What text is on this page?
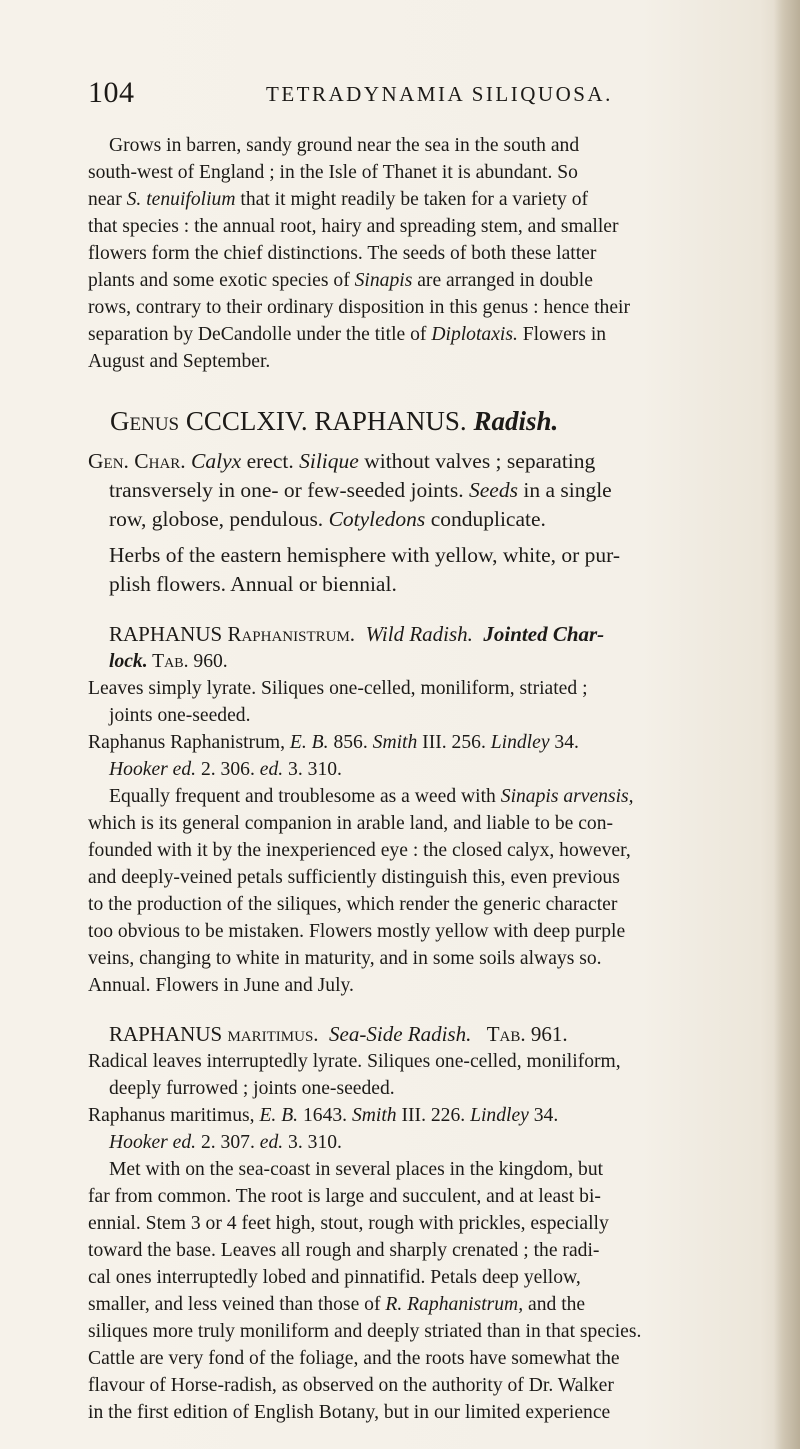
104	TETRADYNAMIA SILIQUOSA.
Grows in barren, sandy ground near the sea in the south and
south-west of England ; in the Isle of Thanet it is abundant. So
near S. tenuifolium that it might readily be taken for a variety of
that species : the annual root, hairy and spreading stem, and smaller
flowers form the chief distinctions. The seeds of both these latter
plants and some exotic species of Sinapis are arranged in double
rows, contrary to their ordinary disposition in this genus : hence their
separation by DeCandolle under the title of Diplotaxis. Flowers in
August and September.
Genus CCCLXIV. RAPHANUS. Radish.
Gen. Char. Calyx erect. Silique without valves ; separating
transversely in one- or few-seeded joints. Seeds in a single
row, globose, pendulous. Cotyledons conduplicate.
Herbs of the eastern hemisphere with yellow, white, or pur-
plish flowers. Annual or biennial.
RAPHANUS Raphanistrum. Wild Radish. Jointed Char-
lock. Tab. 960.
Leaves simply lyrate. Siliques one-celled, moniliform, striated ;
joints one-seeded.
Raphanus Raphanistrum, E. B. 856. Smith III. 256. Lindley 34.
Hooker ed. 2. 306. ed. 3. 310.
Equally frequent and troublesome as a weed with Sinapis arvensis,
which is its general companion in arable land, and liable to be con-
founded with it by the inexperienced eye : the closed calyx, however,
and deeply-veined petals sufficiently distinguish this, even previous
to the production of the siliques, which render the generic character
too obvious to be mistaken. Flowers mostly yellow with deep purple
veins, changing to white in maturity, and in some soils always so.
Annual. Flowers in June and July.
RAPHANUS maritimus. Sea-Side Radish.   Tab. 961.
Radical leaves interruptedly lyrate. Siliques one-celled, moniliform,
deeply furrowed ; joints one-seeded.
Raphanus maritimus, E. B. 1643. Smith III. 226. Lindley 34.
Hooker ed. 2. 307. ed. 3. 310.
Met with on the sea-coast in several places in the kingdom, but
far from common. The root is large and succulent, and at least bi-
ennial. Stem 3 or 4 feet high, stout, rough with prickles, especially
toward the base. Leaves all rough and sharply crenated ; the radi-
cal ones interruptedly lobed and pinnatifid. Petals deep yellow,
smaller, and less veined than those of R. Raphanistrum, and the
siliques more truly moniliform and deeply striated than in that species.
Cattle are very fond of the foliage, and the roots have somewhat the
flavour of Horse-radish, as observed on the authority of Dr. Walker
in the first edition of English Botany, but in our limited experience
